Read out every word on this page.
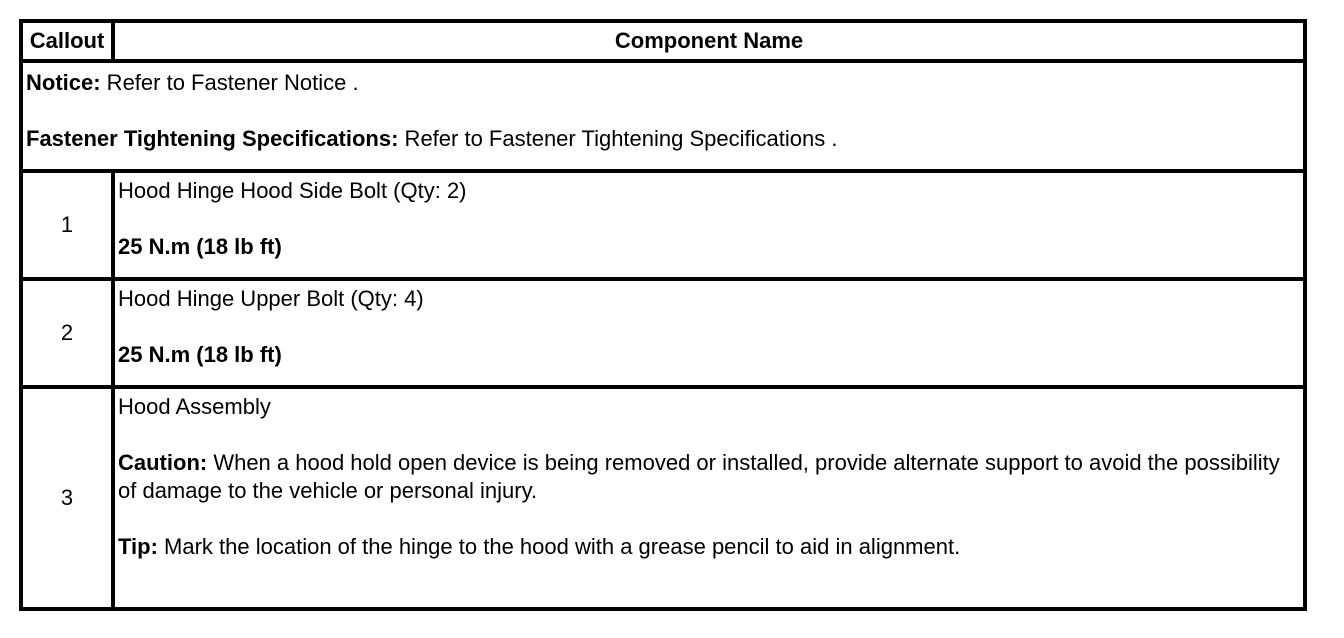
Callout	Component Name

Notice: Refer to Fastener Notice .
Fastener Tightening Specifications: Refer to Fastener Tightening Specifications .	

1	Hood Hinge Hood Side Bolt (Qty: 2)
25 N.m (18 lb ft)

2	Hood Hinge Upper Bolt (Qty: 4)
25 N.m (18 lb ft)

3	Hood Assembly
Caution: When a hood hold open device is being removed or installed, provide alternate support to avoid the possibility of damage to the vehicle or personal injury.
Tip: Mark the location of the hinge to the hood with a grease pencil to aid in alignment.
